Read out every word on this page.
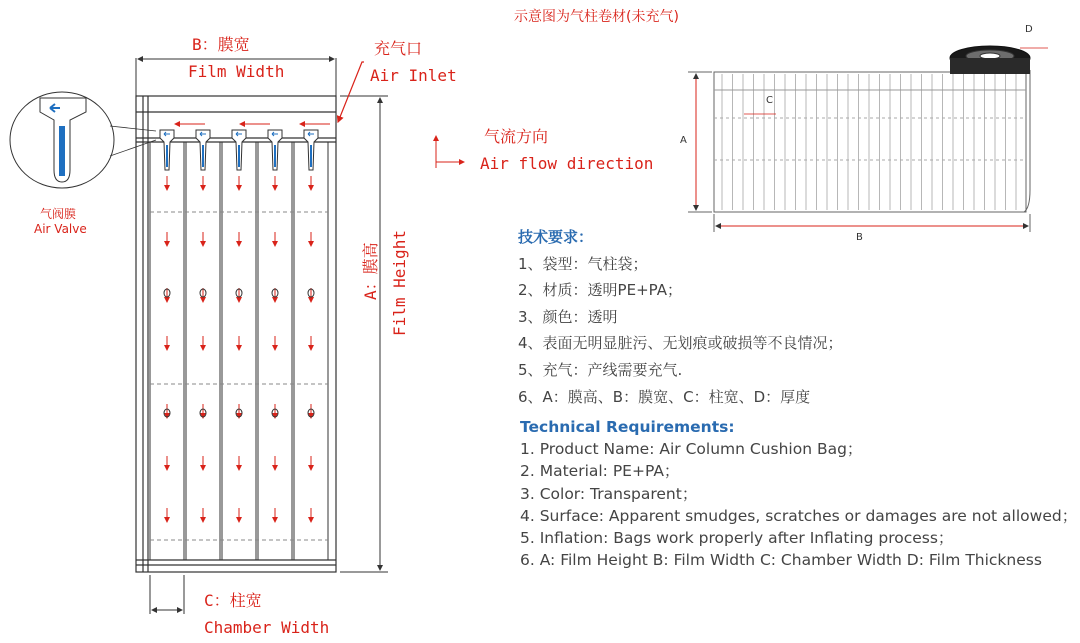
示意图为气柱卷材(未充气)
B：膜宽
Film Width
充气口
Air Inlet
气流方向
Air flow direction
气阀膜
Air Valve
A：膜高 Film Height
C：柱宽
Chamber Width
A
B
C
D
技术要求：
1、袋型：气柱袋；
2、材质：透明PE+PA；
3、颜色：透明
4、表面无明显脏污、无划痕或破损等不良情况；
5、充气：产线需要充气.
6、A：膜高、B：膜宽、C：柱宽、D：厚度
Technical Requirements:
1. Product Name: Air Column Cushion Bag；
2. Material: PE+PA；
3. Color: Transparent；
4. Surface: Apparent smudges, scratches or damages are not allowed；
5. Inflation: Bags work properly after Inflating process；
6. A: Film Height B: Film Width C: Chamber Width D: Film Thickness
